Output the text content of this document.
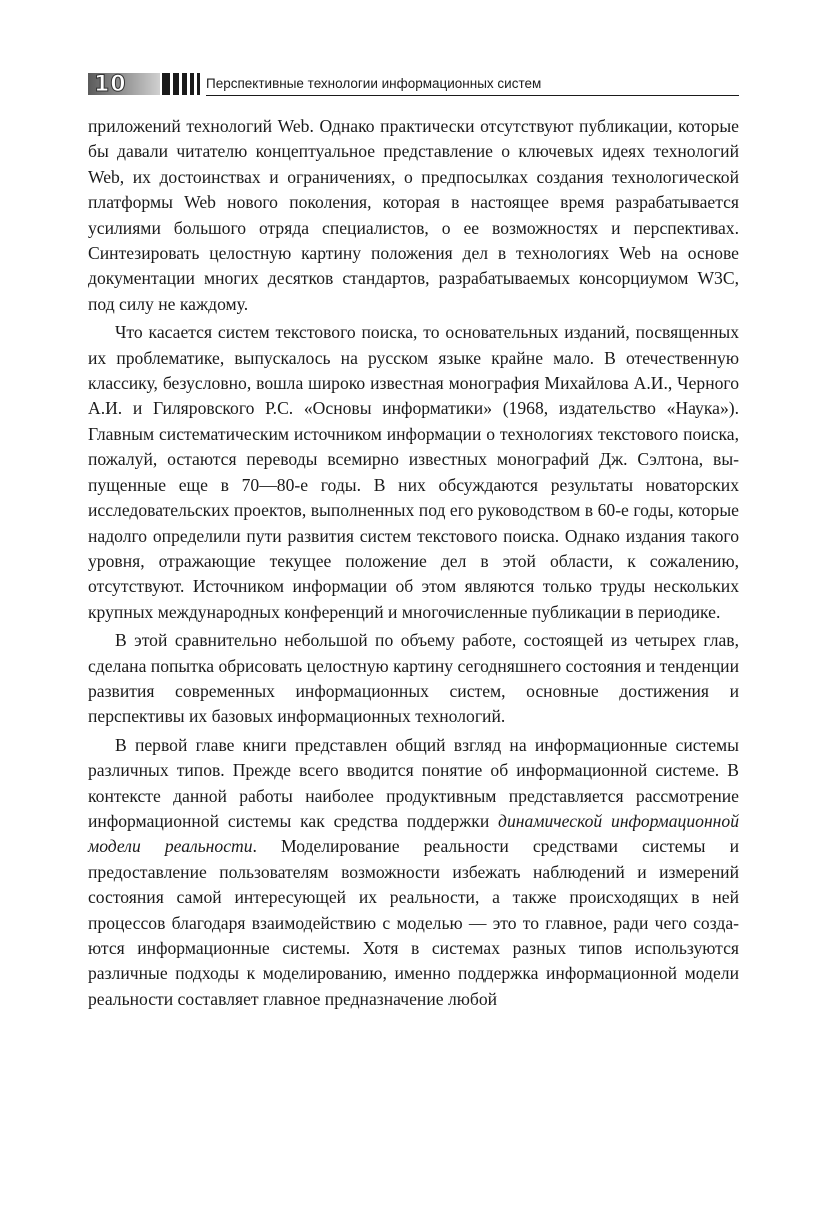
10	Перспективные технологии информационных систем

приложений технологий Web. Однако практически отсутствуют публикации, которые бы давали читателю концептуальное представление о ключевых идеях технологий Web, их достоинствах и ограничениях, о предпосылках создания технологической платформы Web нового поколения, которая в настоящее время разрабатывается усилиями большого отряда специалистов, о ее возможностях и перспективах. Синтезировать целостную картину положения дел в технологиях Web на основе документации многих десятков стандартов, разрабатываемых консорциумом W3C, под силу не каждому.

Что касается систем текстового поиска, то основательных изданий, посвященных их проблематике, выпускалось на русском языке крайне мало. В отечественную классику, безусловно, вошла широко известная монография Михайлова А.И., Черного А.И. и Гиляровского Р.С. «Основы информатики» (1968, издательство «Наука»). Главным систематическим источником информации о технологиях текстового поиска, пожалуй, остаются переводы всемирно известных монографий Дж. Сэлтона, выпущенные еще в 70—80-е годы. В них обсуждаются результаты новаторских исследовательских проектов, выполненных под его руководством в 60-е годы, которые надолго определили пути развития систем текстового поиска. Однако издания такого уровня, отражающие текущее положение дел в этой области, к сожалению, отсутствуют. Источником информации об этом являются только труды нескольких крупных международных конференций и многочисленные публикации в периодике.

В этой сравнительно небольшой по объему работе, состоящей из четырех глав, сделана попытка обрисовать целостную картину сегодняшнего состояния и тенденции развития современных информационных систем, основные достижения и перспективы их базовых информационных технологий.

В первой главе книги представлен общий взгляд на информационные системы различных типов. Прежде всего вводится понятие об информационной системе. В контексте данной работы наиболее продуктивным представляется рассмотрение информационной системы как средства поддержки динамической информационной модели реальности. Моделирование реальности средствами системы и предоставление пользователям возможности избежать наблюдений и измерений состояния самой интересующей их реальности, а также происходящих в ней процессов благодаря взаимодействию с моделью — это то главное, ради чего создаются информационные системы. Хотя в системах разных типов используются различные подходы к моделированию, именно поддержка информационной модели реальности составляет главное предназначение любой
